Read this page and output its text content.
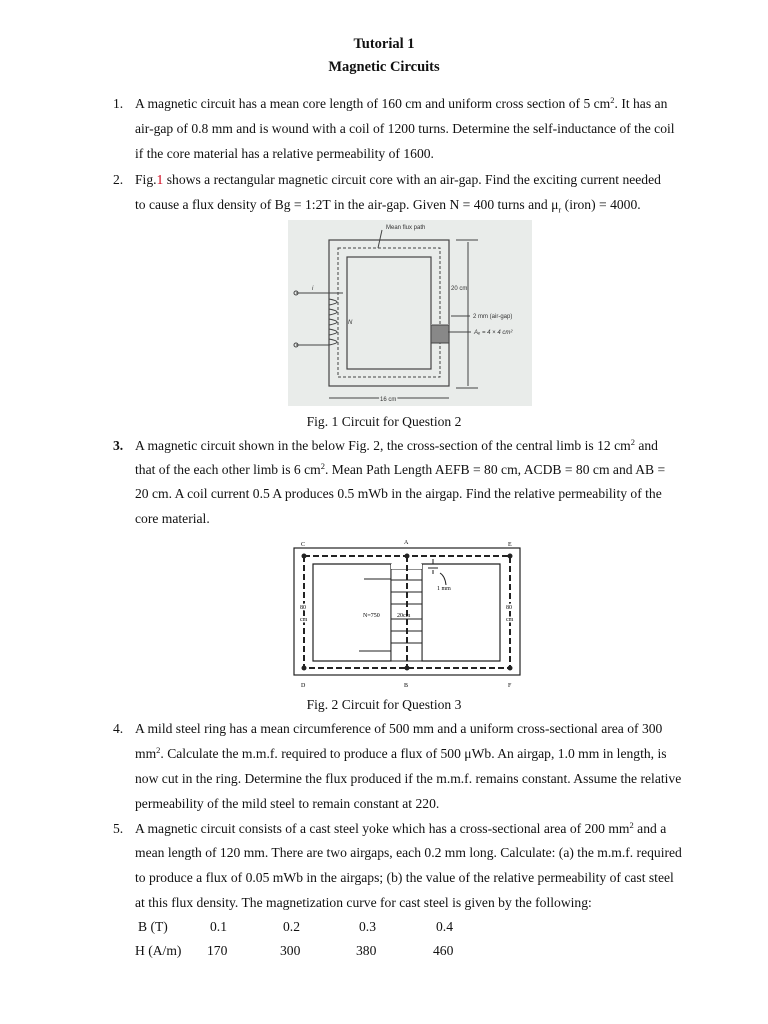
Tutorial 1
Magnetic Circuits
1. A magnetic circuit has a mean core length of 160 cm and uniform cross section of 5 $cm^2$. It has an
air-gap of 0.8 mm and is wound with a coil of 1200 turns. Determine the self-inductance of the coil
if the core material has a relative permeability of 1600.
2. Fig.1 shows a rectangular magnetic circuit core with an air-gap. Find the exciting current needed
to cause a flux density of Bg = 1:2T in the air-gap. Given N = 400 turns and $\mu_r$ (iron) = 4000.
Mean flux path
i
N
20 cm
2 mm (air-gap)
Aₑ = 4 × 4 cm²
16 cm
Fig. 1 Circuit for Question 2
3. A magnetic circuit shown in the below Fig. 2, the cross-section of the central limb is 12 $cm^2$ and
that of the each other limb is 6 $cm^2$. Mean Path Length AEFB = 80 cm, ACDB = 80 cm and AB =
20 cm. A coil current 0.5 A produces 0.5 mWb in the airgap. Find the relative permeability of the
core material.
C	A	E
D	B	F
1 mm
N=750	20cm
80
cm
80
cm
Fig. 2 Circuit for Question 3
4. A mild steel ring has a mean circumference of 500 mm and a uniform cross-sectional area of 300
$mm^2$. Calculate the m.m.f. required to produce a flux of 500 μWb. An airgap, 1.0 mm in length, is
now cut in the ring. Determine the flux produced if the m.m.f. remains constant. Assume the relative
permeability of the mild steel to remain constant at 220.
5. A magnetic circuit consists of a cast steel yoke which has a cross-sectional area of 200 $mm^2$ and a
mean length of 120 mm. There are two airgaps, each 0.2 mm long. Calculate: (a) the m.m.f. required
to produce a flux of 0.05 mWb in the airgaps; (b) the value of the relative permeability of cast steel
at this flux density. The magnetization curve for cast steel is given by the following:
B (T)	0.1	0.2	0.3	0.4
H (A/m) 170	300	380	460
